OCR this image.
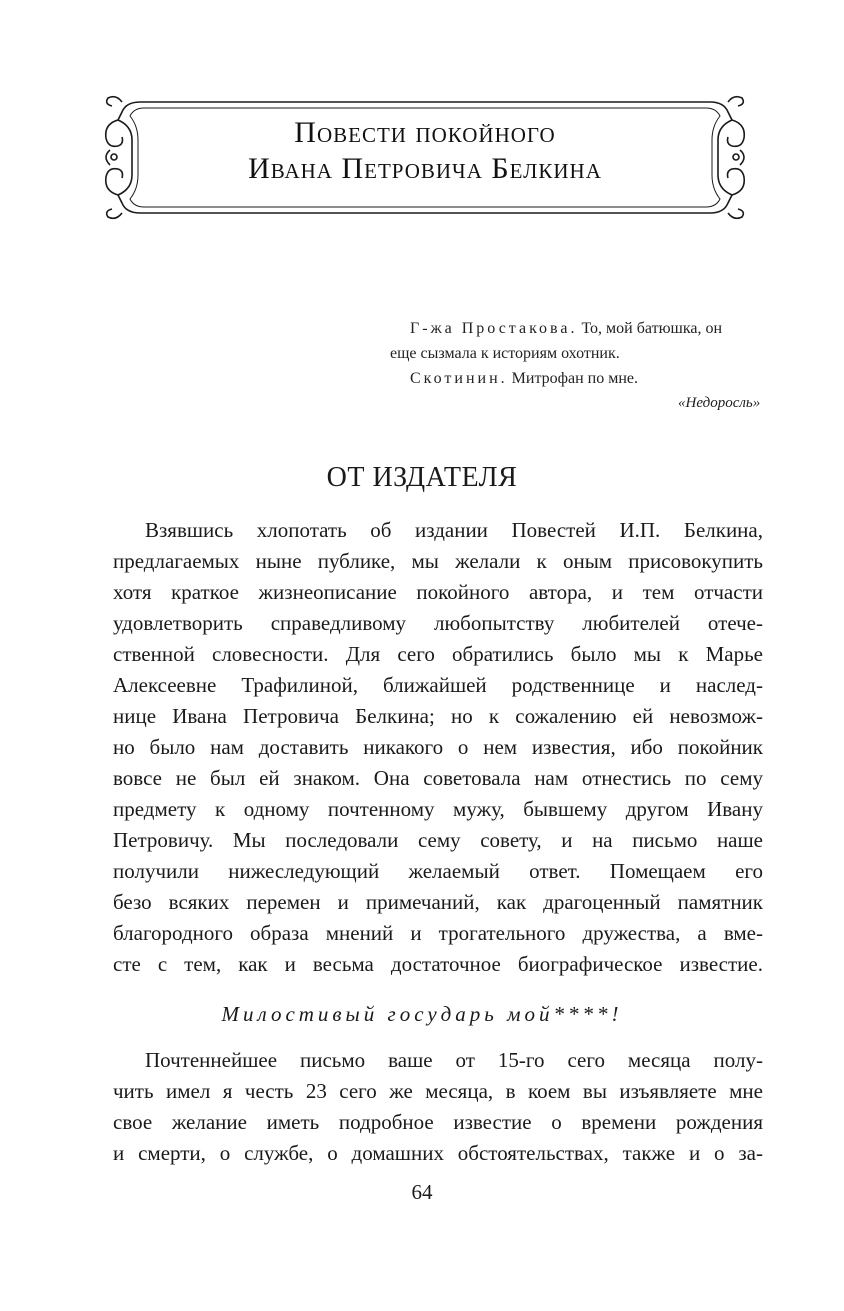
Повести покойного
Ивана Петровича Белкина
Г-жа Простакова. То, мой батюшка, он
еще сызмала к историям охотник.
Скотинин. Митрофан по мне.
«Недоросль»
ОТ ИЗДАТЕЛЯ
Взявшись хлопотать об издании Повестей И.П. Белкина,
предлагаемых ныне публике, мы желали к оным присовокупить
хотя краткое жизнеописание покойного автора, и тем отчасти
удовлетворить справедливому любопытству любителей отече-
ственной словесности. Для сего обратились было мы к Марье
Алексеевне Трафилиной, ближайшей родственнице и наслед-
нице Ивана Петровича Белкина; но к сожалению ей невозмож-
но было нам доставить никакого о нем известия, ибо покойник
вовсе не был ей знаком. Она советовала нам отнестись по сему
предмету к одному почтенному мужу, бывшему другом Ивану
Петровичу. Мы последовали сему совету, и на письмо наше
получили нижеследующий желаемый ответ. Помещаем его
безо всяких перемен и примечаний, как драгоценный памятник
благородного образа мнений и трогательного дружества, а вме-
сте с тем, как и весьма достаточное биографическое известие.
Милостивый государь мой****!
Почтеннейшее письмо ваше от 15-го сего месяца полу-
чить имел я честь 23 сего же месяца, в коем вы изъявляете мне
свое желание иметь подробное известие о времени рождения
и смерти, о службе, о домашних обстоятельствах, также и о за-
64
